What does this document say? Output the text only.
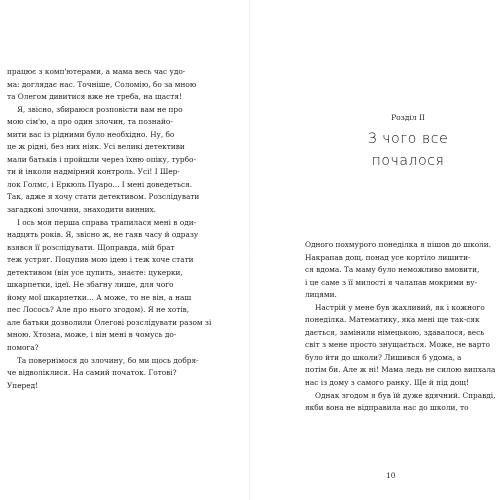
працює з комп'ютерами, а мама весь час удо-
ма: доглядає нас. Точніше, Соломію, бо за мною
та Олегом дивитися вже не треба, на щастя!
Я, звісно, збираюся розповісти вам не про
мою сім'ю, а про один злочин, та познайо-
мити вас із рідними було необхідно. Ну, бо
це ж рідні, без них ніяк. Усі великі детективи
мали батьків і пройшли через їхню опіку, турбо-
ти й інколи надмірний контроль. Усі! І Шер-
лок Голмс, і Еркюль Пуаро... І мені доведеться.
Так, адже я хочу стати детективом. Розслідувати
загадкові злочини, знаходити винних.
І ось моя перша справа трапилася мені в оди-
надцять років. Я, звісно ж, не гаяв часу й одразу
взявся її розслідувати. Щоправда, мій брат
теж устряг. Поцупив мою ідею і теж хоче стати
детективом (він усе цупить, знаєте: цукерки,
шкарпетки, ідеї. Не збагну лише, для чого
йому мої шкарпетки... А може, то не він, а наш
пес Лосось? Але про нього згодом). Я не хотів,
але батьки дозволили Олегові розслідувати разом зі
мною. Хтозна, може, і він мені в чомусь до-
помога?
Та повернімося до злочину, бо ми щось добря-
че відволіклися. На самий початок. Готові?
Уперед!
Розділ ІІ
З чого все
почалося
Одного похмурого понеділка я пішов до школи.
Накрапав дощ, понад усе кортіло лишити-
ся вдома. Та маму було неможливо вмовити,
і це саме з її милості я чалапав мокрими ву-
лицями.
Настрій у мене був жахливий, як і кожного
понеділка. Математику, яка мені ще так-сяк
дається, замінили німецькою, здавалося, весь
світ з мене просто знущається. Може, не варто
було йти до школи? Лишився б удома, а
потім би. Але ж ні! Мама ледь не силою випхала
нас із дому з самого ранку. Ще й під дощ!
Однак згодом я був їй дуже вдячний. Справді,
якби вона не відправила нас до школи, то
10
